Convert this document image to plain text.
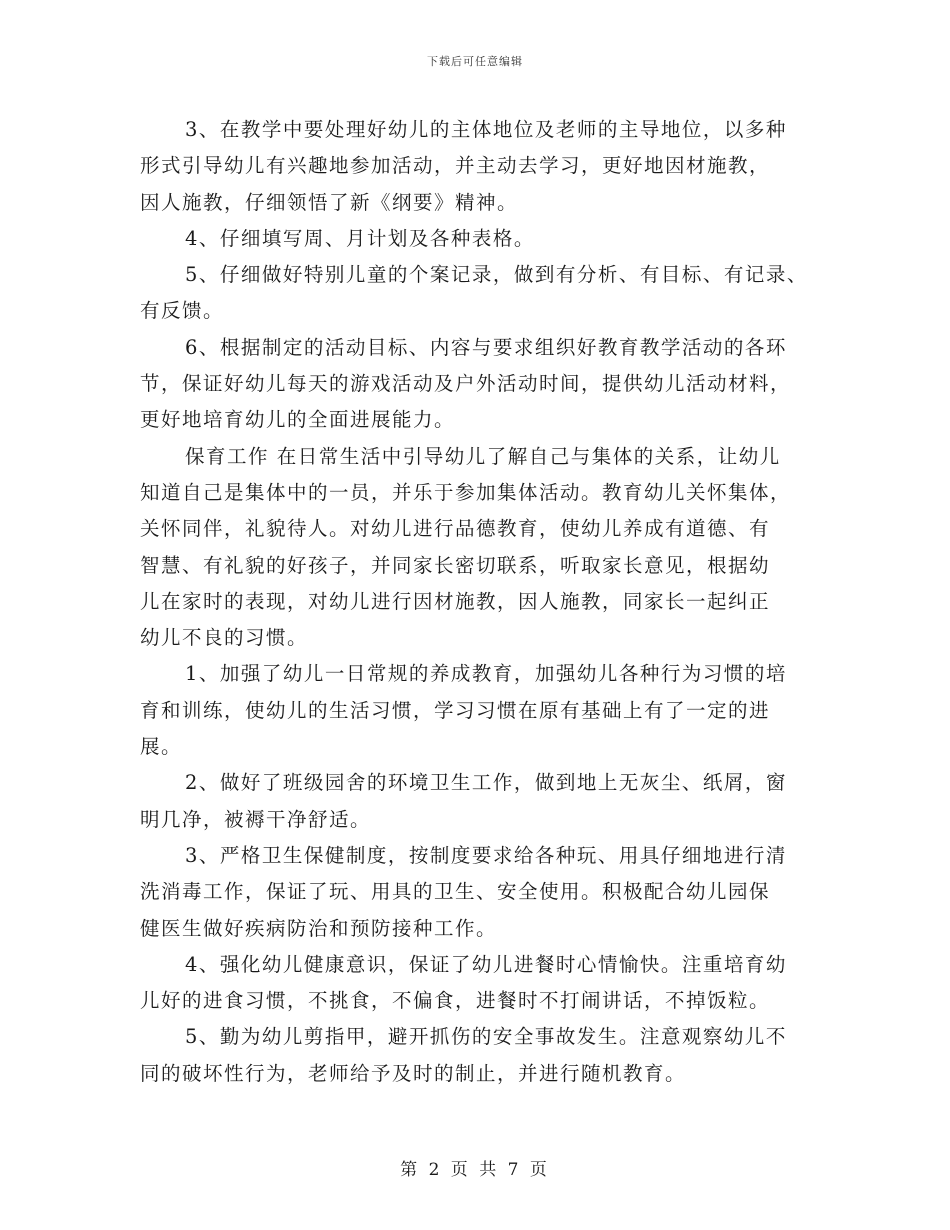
下载后可任意编辑
3、在教学中要处理好幼儿的主体地位及老师的主导地位，以多种
形式引导幼儿有兴趣地参加活动，并主动去学习，更好地因材施教，
因人施教，仔细领悟了新《纲要》精神。
4、仔细填写周、月计划及各种表格。
5、仔细做好特别儿童的个案记录，做到有分析、有目标、有记录、
有反馈。
6、根据制定的活动目标、内容与要求组织好教育教学活动的各环
节，保证好幼儿每天的游戏活动及户外活动时间，提供幼儿活动材料，
更好地培育幼儿的全面进展能力。
保育工作 在日常生活中引导幼儿了解自己与集体的关系，让幼儿
知道自己是集体中的一员，并乐于参加集体活动。教育幼儿关怀集体，
关怀同伴，礼貌待人。对幼儿进行品德教育，使幼儿养成有道德、有
智慧、有礼貌的好孩子，并同家长密切联系，听取家长意见，根据幼
儿在家时的表现，对幼儿进行因材施教，因人施教，同家长一起纠正
幼儿不良的习惯。
1、加强了幼儿一日常规的养成教育，加强幼儿各种行为习惯的培
育和训练，使幼儿的生活习惯，学习习惯在原有基础上有了一定的进
展。
2、做好了班级园舍的环境卫生工作，做到地上无灰尘、纸屑，窗
明几净，被褥干净舒适。
3、严格卫生保健制度，按制度要求给各种玩、用具仔细地进行清
洗消毒工作，保证了玩、用具的卫生、安全使用。积极配合幼儿园保
健医生做好疾病防治和预防接种工作。
4、强化幼儿健康意识，保证了幼儿进餐时心情愉快。注重培育幼
儿好的进食习惯，不挑食，不偏食，进餐时不打闹讲话，不掉饭粒。
5、勤为幼儿剪指甲，避开抓伤的安全事故发生。注意观察幼儿不
同的破坏性行为，老师给予及时的制止，并进行随机教育。
第 2 页 共 7 页
